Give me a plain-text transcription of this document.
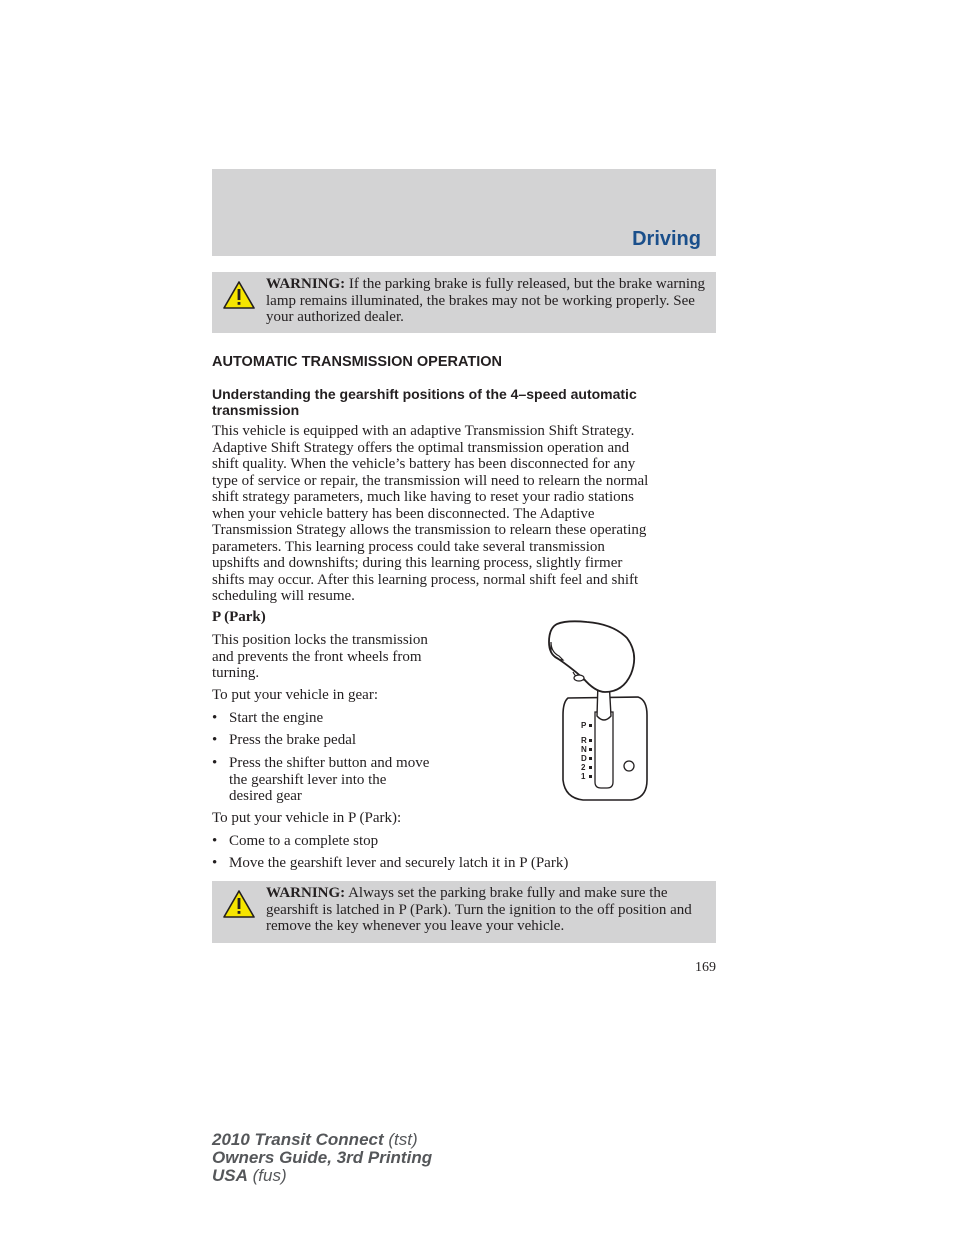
Driving
WARNING: If the parking brake is fully released, but the brake warning lamp remains illuminated, the brakes may not be working properly. See your authorized dealer.
AUTOMATIC TRANSMISSION OPERATION
Understanding the gearshift positions of the 4–speed automatic transmission
This vehicle is equipped with an adaptive Transmission Shift Strategy.
Adaptive Shift Strategy offers the optimal transmission operation and
shift quality. When the vehicle’s battery has been disconnected for any
type of service or repair, the transmission will need to relearn the normal
shift strategy parameters, much like having to reset your radio stations
when your vehicle battery has been disconnected. The Adaptive
Transmission Strategy allows the transmission to relearn these operating
parameters. This learning process could take several transmission
upshifts and downshifts; during this learning process, slightly firmer
shifts may occur. After this learning process, normal shift feel and shift
scheduling will resume.
P (Park)
This position locks the transmission
and prevents the front wheels from
turning.
To put your vehicle in gear:
• Start the engine
• Press the brake pedal
• Press the shifter button and move
the gearshift lever into the
desired gear
To put your vehicle in P (Park):
• Come to a complete stop
• Move the gearshift lever and securely latch it in P (Park)
P
R
N
D
2
1
WARNING: Always set the parking brake fully and make sure the gearshift is latched in P (Park). Turn the ignition to the off position and remove the key whenever you leave your vehicle.
169
2010 Transit Connect (tst)
Owners Guide, 3rd Printing
USA (fus)
